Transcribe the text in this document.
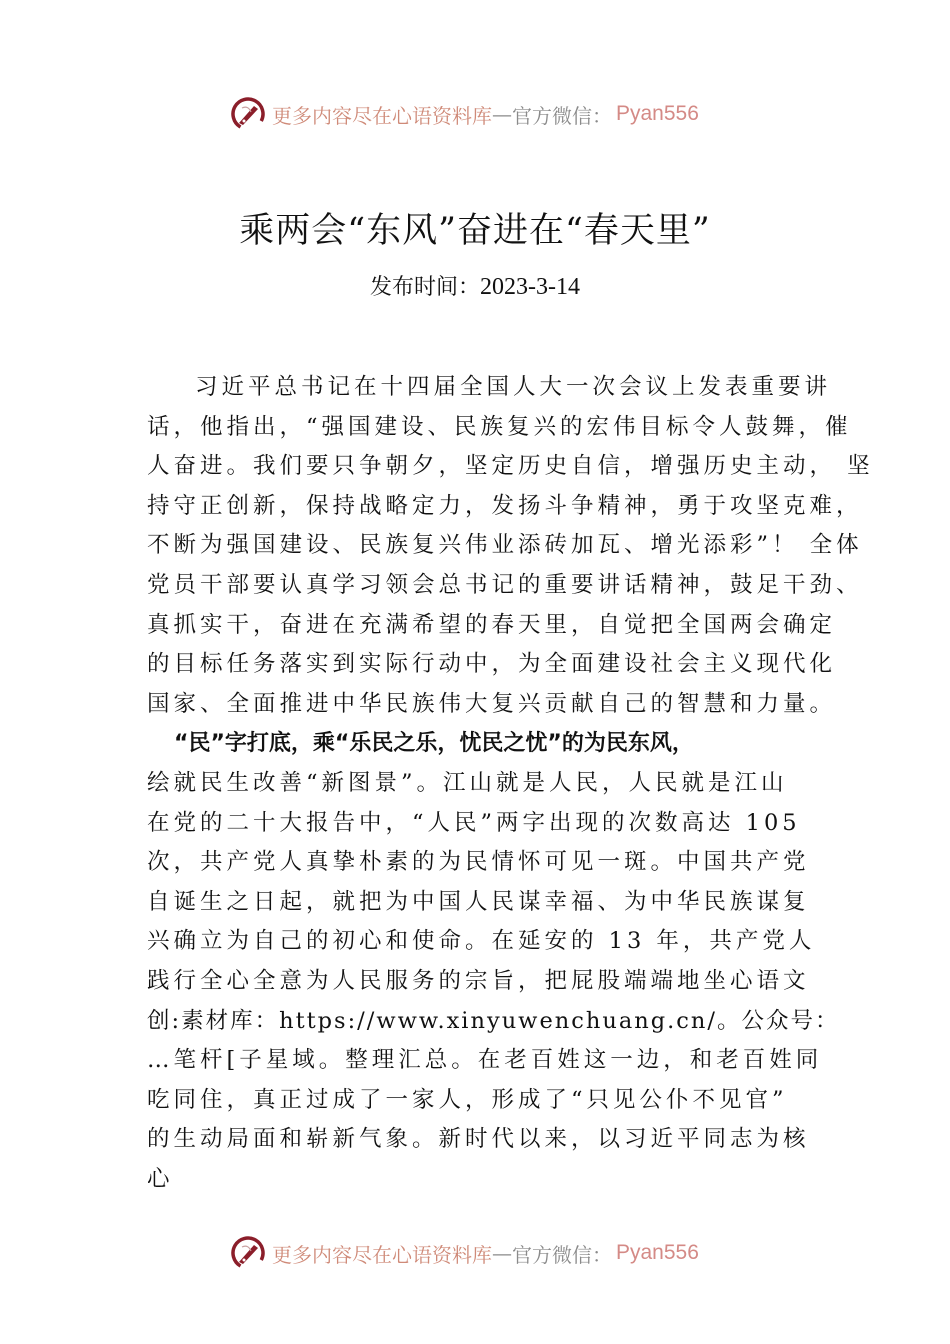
更多内容尽在心语资料库 — 官方微信： Pyan556
乘两会“东风”奋进在“春天里”
发布时间：2023-3-14
习近平总书记在十四届全国人大一次会议上发表重要讲
话，他指出，“强国建设、民族复兴的宏伟目标令人鼓舞，催
人奋进。我们要只争朝夕，坚定历史自信，增强历史主动， 坚
持守正创新，保持战略定力，发扬斗争精神，勇于攻坚克难，
不断为强国建设、民族复兴伟业添砖加瓦、增光添彩”！ 全体
党员干部要认真学习领会总书记的重要讲话精神，鼓足干劲、
真抓实干，奋进在充满希望的春天里，自觉把全国两会确定
的目标任务落实到实际行动中，为全面建设社会主义现代化
国家、全面推进中华民族伟大复兴贡献自己的智慧和力量。
“民”字打底，乘“乐民之乐，忧民之忧”的为民东风，
绘就民生改善“新图景”。江山就是人民，人民就是江山
在党的二十大报告中，“人民”两字出现的次数高达 105
次，共产党人真挚朴素的为民情怀可见一斑。中国共产党
自诞生之日起，就把为中国人民谋幸福、为中华民族谋复
兴确立为自己的初心和使命。在延安的 13 年，共产党人
践行全心全意为人民服务的宗旨，把屁股端端地坐心语文
创:素材库：https://www.xinyuwenchuang.cn/。公众号：
…笔杆[子星域。整理汇总。在老百姓这一边，和老百姓同
吃同住，真正过成了一家人，形成了“只见公仆不见官”
的生动局面和崭新气象。新时代以来，以习近平同志为核
心
更多内容尽在心语资料库 — 官方微信： Pyan556
